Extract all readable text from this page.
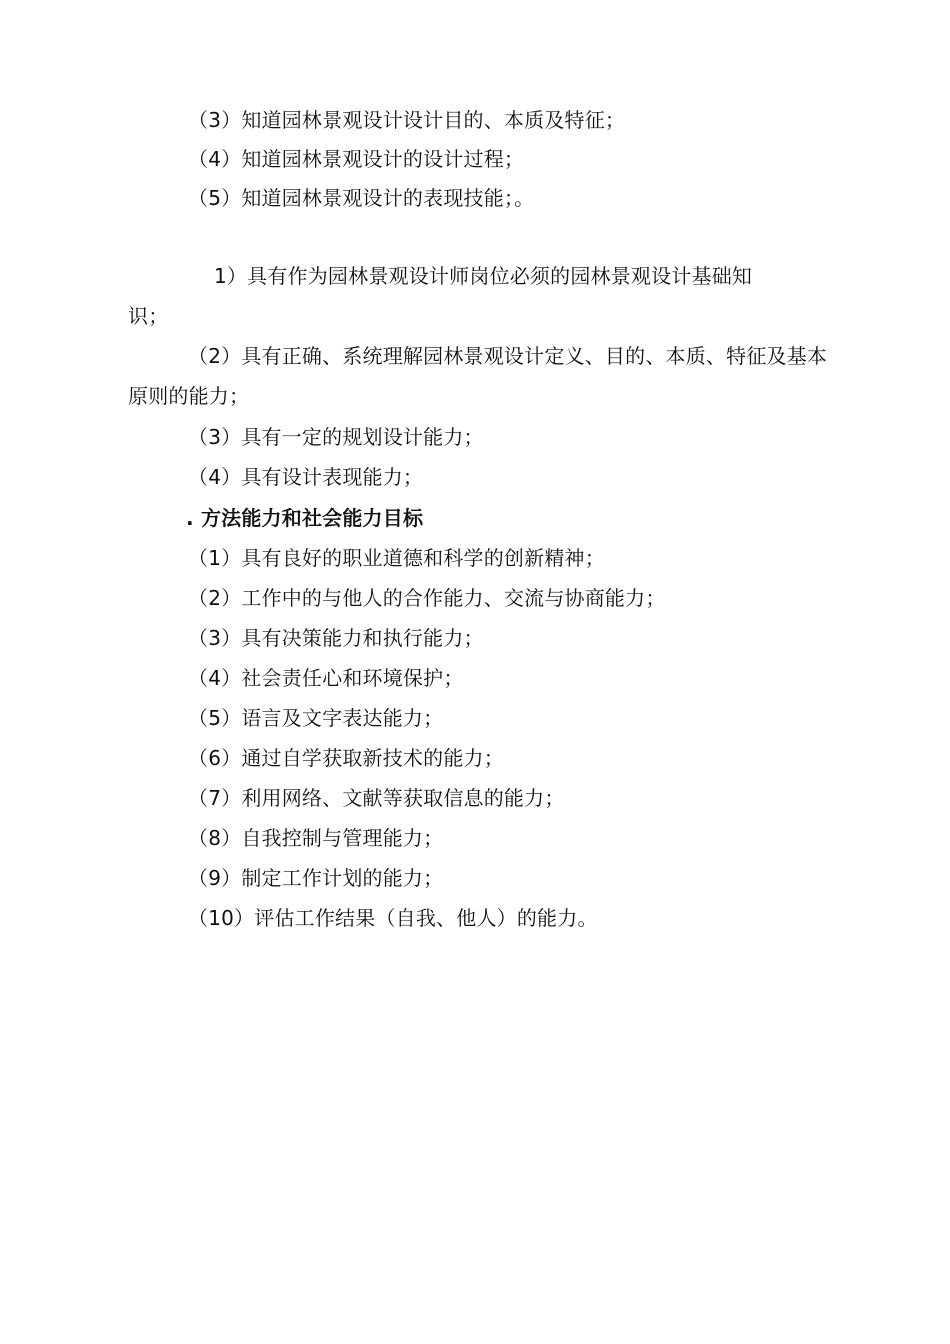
（3）知道园林景观设计设计目的、本质及特征；
（4）知道园林景观设计的设计过程；
（5）知道园林景观设计的表现技能；。
1）具有作为园林景观设计师岗位必须的园林景观设计基础知
识；
（2）具有正确、系统理解园林景观设计定义、目的、本质、特征及基本
原则的能力；
（3）具有一定的规划设计能力；
（4）具有设计表现能力；
. 方法能力和社会能力目标
（1）具有良好的职业道德和科学的创新精神；
（2）工作中的与他人的合作能力、交流与协商能力；
（3）具有决策能力和执行能力；
（4）社会责任心和环境保护；
（5）语言及文字表达能力；
（6）通过自学获取新技术的能力；
（7）利用网络、文献等获取信息的能力；
（8）自我控制与管理能力；
（9）制定工作计划的能力；
（10）评估工作结果（自我、他人）的能力。
